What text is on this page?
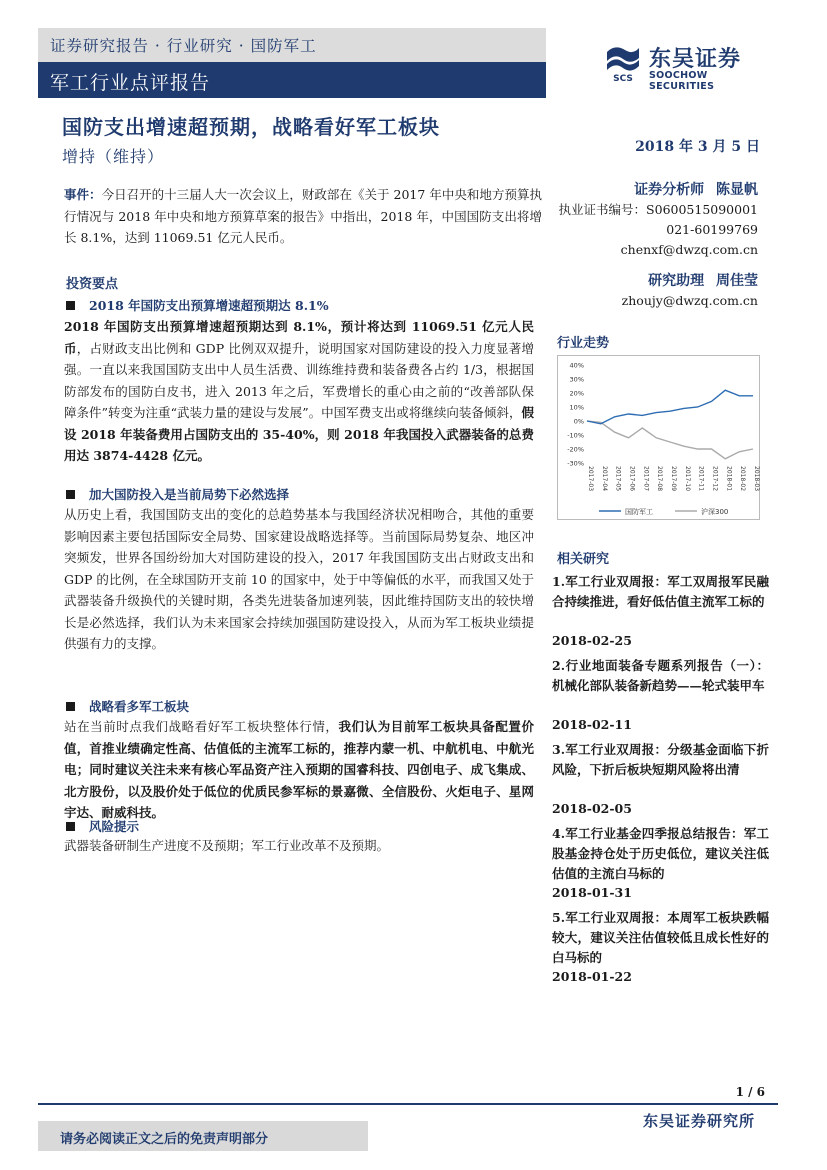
证券研究报告 · 行业研究 · 国防军工
军工行业点评报告	SCS
东吴证券
SOOCHOW SECURITIES
国防支出增速超预期，战略看好军工板块
增持（维持）	2018 年 3 月 5 日
事件：今日召开的十三届人大一次会议上，财政部在《关于 2017 年中央和地方预算执行情况与 2018 年中央和地方预算草案的报告》中指出，2018 年，中国国防支出将增长 8.1%，达到 11069.51 亿元人民币。
证券分析师 陈显帆
执业证书编号：S0600515090001
021-60199769
chenxf@dwzq.com.cn
研究助理 周佳莹
zhoujy@dwzq.com.cn
投资要点
2018 年国防支出预算增速超预期达 8.1%
2018 年国防支出预算增速超预期达到 8.1%，预计将达到 11069.51 亿元人民币，占财政支出比例和 GDP 比例双双提升，说明国家对国防建设的投入力度显著增强。一直以来我国国防支出中人员生活费、训练维持费和装备费各占约 1/3，根据国防部发布的国防白皮书，进入 2013 年之后，军费增长的重心由之前的“改善部队保障条件”转变为注重“武装力量的建设与发展”。中国军费支出或将继续向装备倾斜，假设 2018 年装备费用占国防支出的 35-40%，则 2018 年我国投入武器装备的总费用达 3874-4428 亿元。
加大国防投入是当前局势下必然选择
从历史上看，我国国防支出的变化的总趋势基本与我国经济状况相吻合，其他的重要影响因素主要包括国际安全局势、国家建设战略选择等。当前国际局势复杂、地区冲突频发，世界各国纷纷加大对国防建设的投入，2017 年我国国防支出占财政支出和 GDP 的比例，在全球国防开支前 10 的国家中，处于中等偏低的水平，而我国又处于武器装备升级换代的关键时期，各类先进装备加速列装，因此维持国防支出的较快增长是必然选择，我们认为未来国家会持续加强国防建设投入，从而为军工板块业绩提供强有力的支撑。
战略看多军工板块
站在当前时点我们战略看好军工板块整体行情，我们认为目前军工板块具备配置价值，首推业绩确定性高、估值低的主流军工标的，推荐内蒙一机、中航机电、中航光电；同时建议关注未来有核心军品资产注入预期的国睿科技、四创电子、成飞集成、北方股份，以及股价处于低位的优质民参军标的景嘉微、全信股份、火炬电子、星网宇达、耐威科技。
风险提示
武器装备研制生产进度不及预期；军工行业改革不及预期。
行业走势
40%
30%
20%
10%
0%
-10%
-20%
-30%
2017-03 2017-04 2017-05 2017-06 2017-07 2017-08 2017-09 2017-10 2017-11 2017-12 2018-01 2018-02 2018-03
国防军工	沪深300
相关研究
1.军工行业双周报：军工双周报军民融合持续推进，看好低估值主流军工标的
2018-02-25
2.行业地面装备专题系列报告（一）：机械化部队装备新趋势——轮式装甲车
2018-02-11
3.军工行业双周报：分级基金面临下折风险，下折后板块短期风险将出清
2018-02-05
4.军工行业基金四季报总结报告：军工股基金持仓处于历史低位，建议关注低估值的主流白马标的
2018-01-31
5.军工行业双周报：本周军工板块跌幅较大，建议关注估值较低且成长性好的白马标的
2018-01-22
1 / 6
请务必阅读正文之后的免责声明部分
东吴证券研究所
